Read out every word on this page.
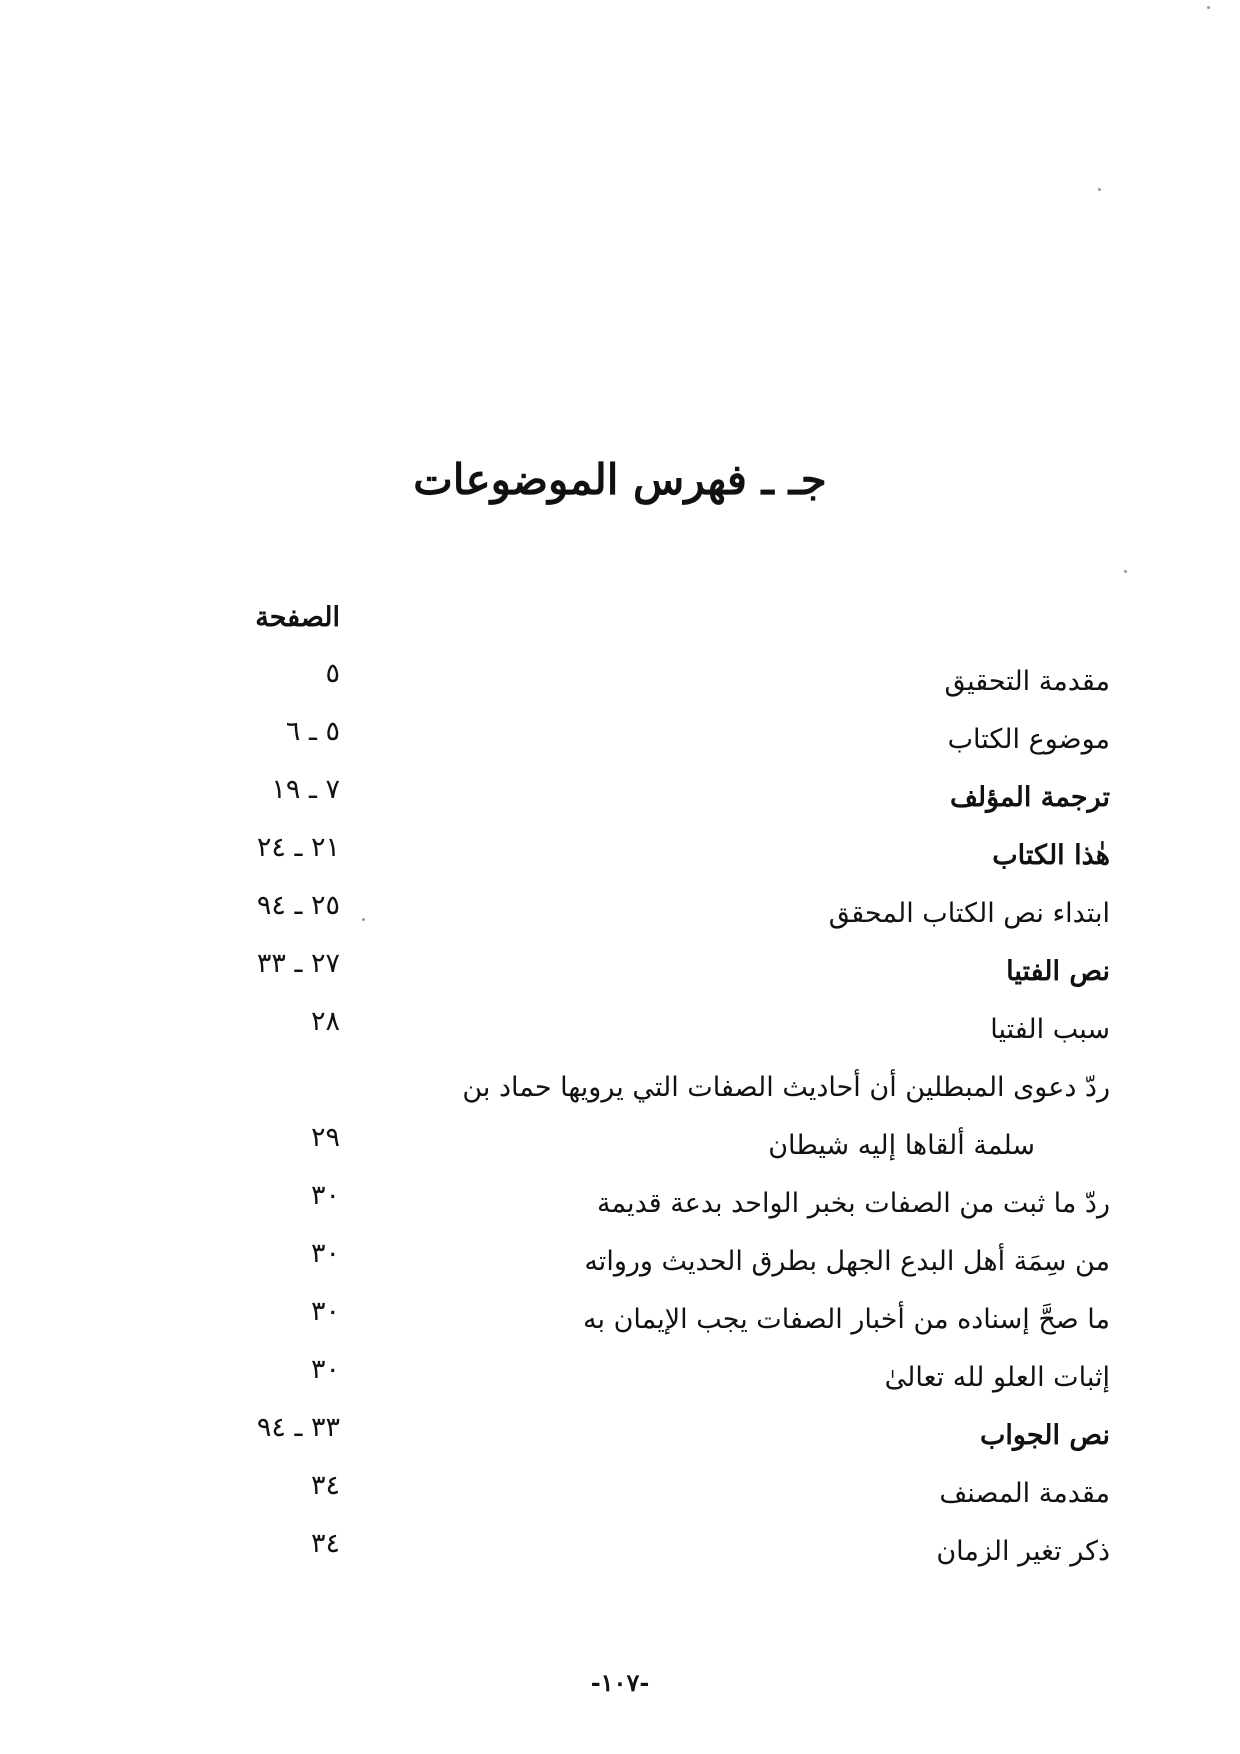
جـ ـ فهرس الموضوعات
الصفحة
مقدمة التحقيق
٥
موضوع الكتاب
٥ ـ ٦
ترجمة المؤلف
٧ ـ ١٩
هٰذا الكتاب
٢١ ـ ٢٤
ابتداء نص الكتاب المحقق
٢٥ ـ ٩٤
نص الفتيا
٢٧ ـ ٣٣
سبب الفتيا
٢٨
ردّ دعوى المبطلين أن أحاديث الصفات التي يرويها حماد بن
سلمة ألقاها إليه شيطان
٢٩
ردّ ما ثبت من الصفات بخبر الواحد بدعة قديمة
٣٠
من سِمَة أهل البدع الجهل بطرق الحديث ورواته
٣٠
ما صحَّ إسناده من أخبار الصفات يجب الإيمان به
٣٠
إثبات العلو لله تعالىٰ
٣٠
نص الجواب
٣٣ ـ ٩٤
مقدمة المصنف
٣٤
ذكر تغير الزمان
٣٤
-١٠٧-
